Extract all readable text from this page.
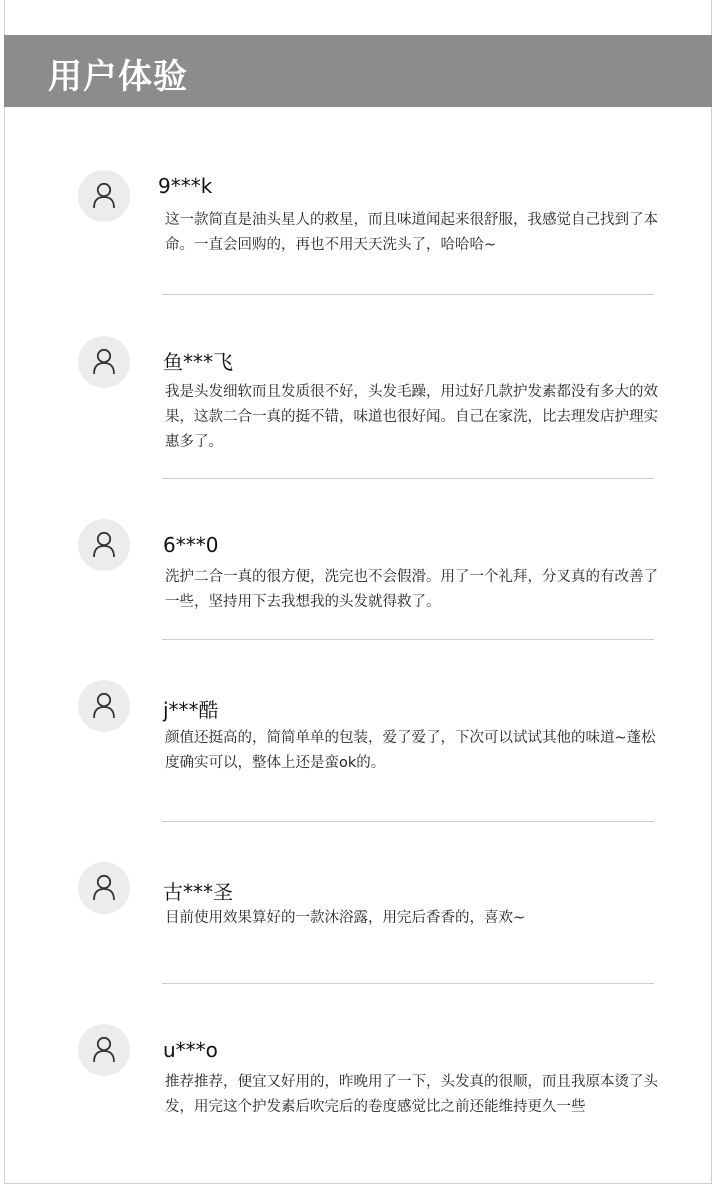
用户体验
9***k
这一款简直是油头星人的救星，而且味道闻起来很舒服，我感觉自己找到了本命。一直会回购的，再也不用天天洗头了，哈哈哈~
鱼***飞
我是头发细软而且发质很不好，头发毛躁，用过好几款护发素都没有多大的效果，这款二合一真的挺不错，味道也很好闻。自己在家洗，比去理发店护理实惠多了。
6***0
洗护二合一真的很方便，洗完也不会假滑。用了一个礼拜，分叉真的有改善了一些，坚持用下去我想我的头发就得救了。
j***酷
颜值还挺高的，简简单单的包装，爱了爱了，下次可以试试其他的味道~蓬松度确实可以，整体上还是蛮ok的。
古***圣
目前使用效果算好的一款沐浴露，用完后香香的，喜欢~
u***o
推荐推荐，便宜又好用的，昨晚用了一下，头发真的很顺，而且我原本烫了头发，用完这个护发素后吹完后的卷度感觉比之前还能维持更久一些
